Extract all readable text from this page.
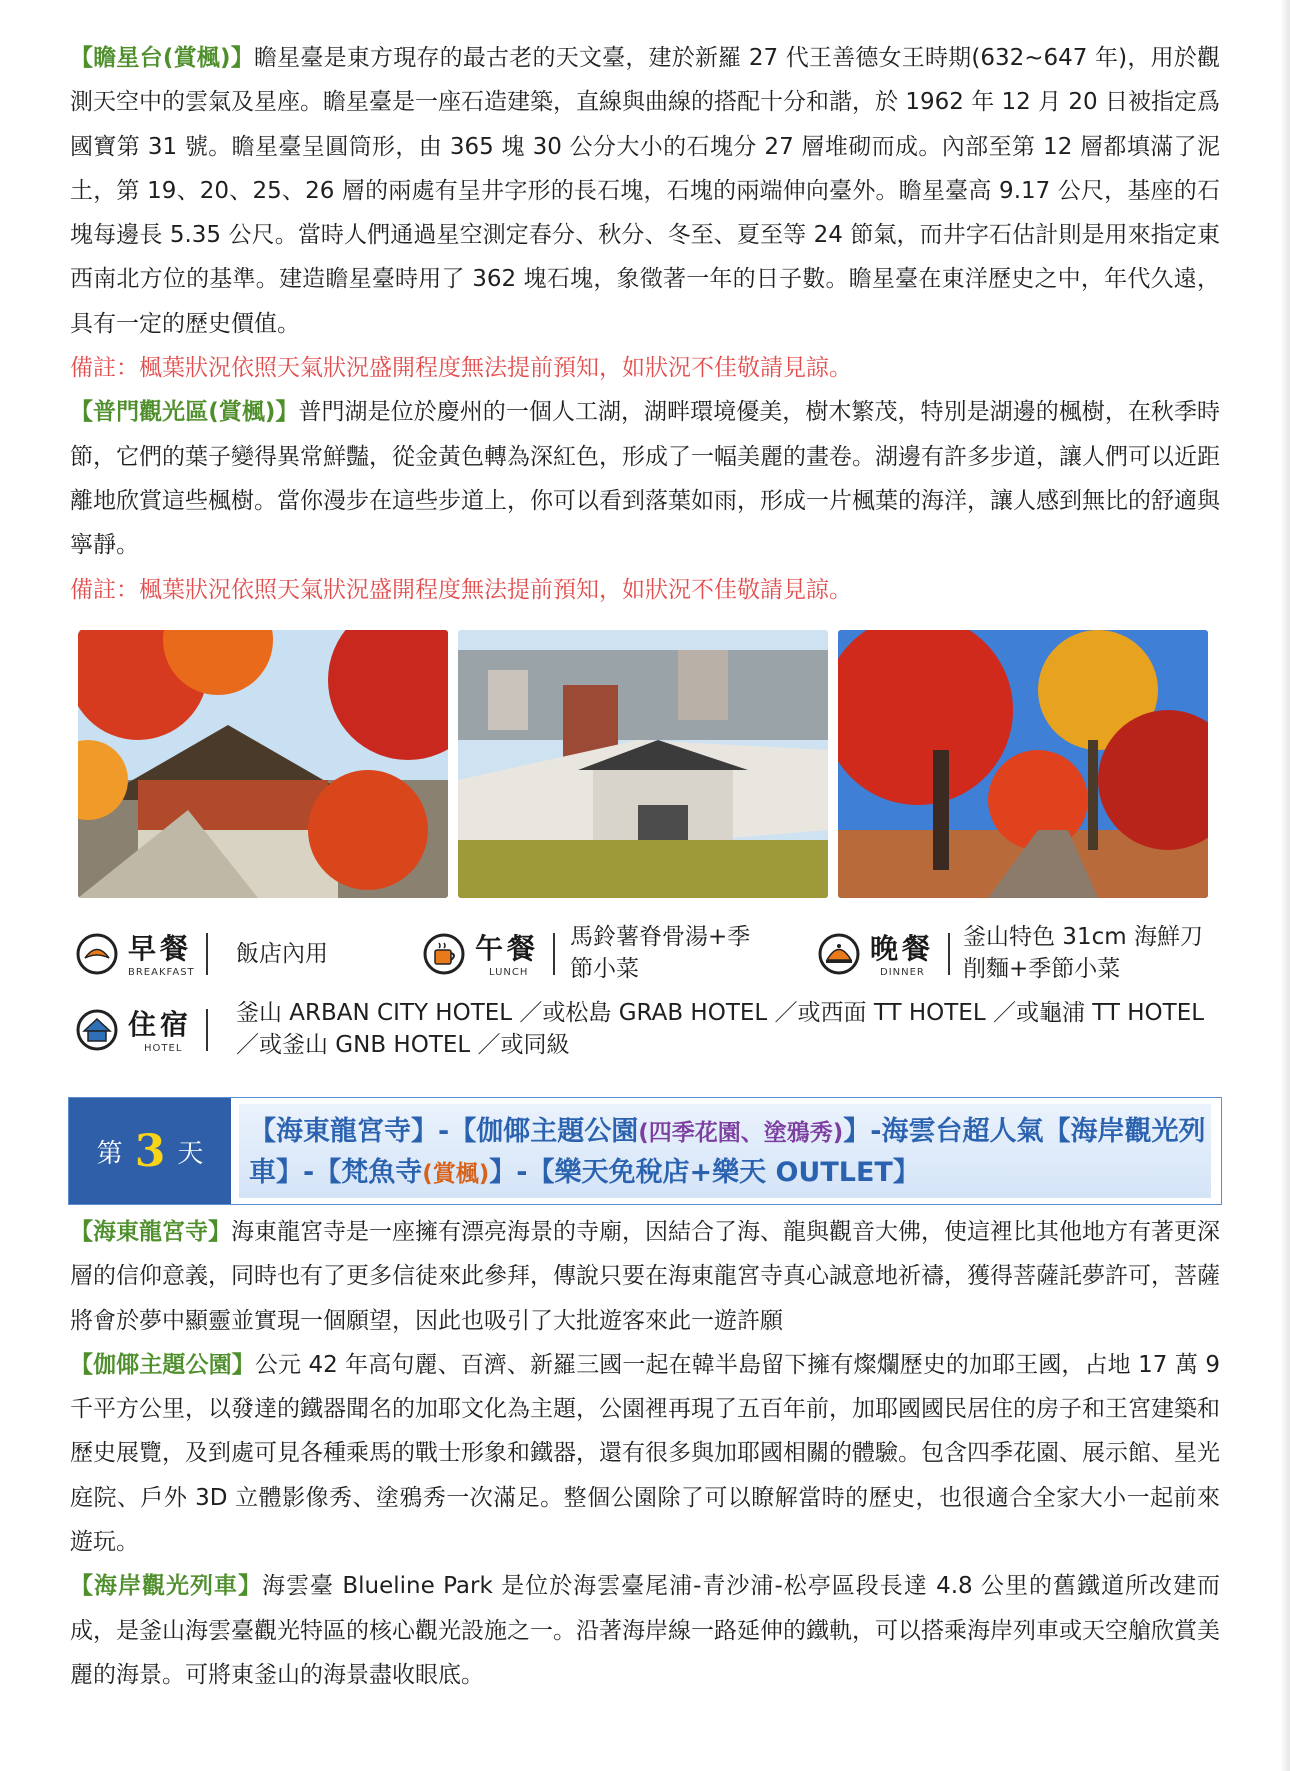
【瞻星台(賞楓)】瞻星臺是東方現存的最古老的天文臺，建於新羅 27 代王善德女王時期(632~647 年)，用於觀測天空中的雲氣及星座。瞻星臺是一座石造建築，直線與曲線的搭配十分和諧，於 1962 年 12 月 20 日被指定爲國寶第 31 號。瞻星臺呈圓筒形，由 365 塊 30 公分大小的石塊分 27 層堆砌而成。內部至第 12 層都填滿了泥土，第 19、20、25、26 層的兩處有呈井字形的長石塊，石塊的兩端伸向臺外。瞻星臺高 9.17 公尺，基座的石塊每邊長 5.35 公尺。當時人們通過星空測定春分、秋分、冬至、夏至等 24 節氣，而井字石估計則是用來指定東西南北方位的基準。建造瞻星臺時用了 362 塊石塊，象徵著一年的日子數。瞻星臺在東洋歷史之中，年代久遠，具有一定的歷史價值。

備註：楓葉狀況依照天氣狀況盛開程度無法提前預知，如狀況不佳敬請見諒。

【普門觀光區(賞楓)】普門湖是位於慶州的一個人工湖，湖畔環境優美，樹木繁茂，特別是湖邊的楓樹，在秋季時節，它們的葉子變得異常鮮豔，從金黃色轉為深紅色，形成了一幅美麗的畫卷。湖邊有許多步道，讓人們可以近距離地欣賞這些楓樹。當你漫步在這些步道上，你可以看到落葉如雨，形成一片楓葉的海洋，讓人感到無比的舒適與寧靜。

備註：楓葉狀況依照天氣狀況盛開程度無法提前預知，如狀況不佳敬請見諒。

早餐
BREAKFAST
飯店內用	午餐
LUNCH
馬鈴薯脊骨湯+季節小菜
晚餐
DINNER
釜山特色 31cm 海鮮刀削麵+季節小菜
住宿
HOTEL
釜山 ARBAN CITY HOTEL ／或松島 GRAB HOTEL ／或西面 TT HOTEL ／或龜浦 TT HOTEL ／或釜山 GNB HOTEL ／或同級
第 3 天
【海東龍宮寺】-【伽倻主題公園(四季花園、塗鴉秀)】-海雲台超人氣【海岸觀光列車】-【梵魚寺(賞楓)】-【樂天免稅店+樂天 OUTLET】

【海東龍宮寺】海東龍宮寺是一座擁有漂亮海景的寺廟，因結合了海、龍與觀音大佛，使這裡比其他地方有著更深層的信仰意義，同時也有了更多信徒來此參拜，傳說只要在海東龍宮寺真心誠意地祈禱，獲得菩薩託夢許可，菩薩將會於夢中顯靈並實現一個願望，因此也吸引了大批遊客來此一遊許願

【伽倻主題公園】公元 42 年高句麗、百濟、新羅三國一起在韓半島留下擁有燦爛歷史的加耶王國，占地 17 萬 9 千平方公里，以發達的鐵器聞名的加耶文化為主題，公園裡再現了五百年前，加耶國國民居住的房子和王宮建築和歷史展覽，及到處可見各種乘馬的戰士形象和鐵器，還有很多與加耶國相關的體驗。包含四季花園、展示館、星光庭院、戶外 3D 立體影像秀、塗鴉秀一次滿足。整個公園除了可以瞭解當時的歷史，也很適合全家大小一起前來遊玩。

【海岸觀光列車】海雲臺 Blueline Park 是位於海雲臺尾浦-青沙浦-松亭區段長達 4.8 公里的舊鐵道所改建而成，是釜山海雲臺觀光特區的核心觀光設施之一。沿著海岸線一路延伸的鐵軌，可以搭乘海岸列車或天空艙欣賞美麗的海景。可將東釜山的海景盡收眼底。
